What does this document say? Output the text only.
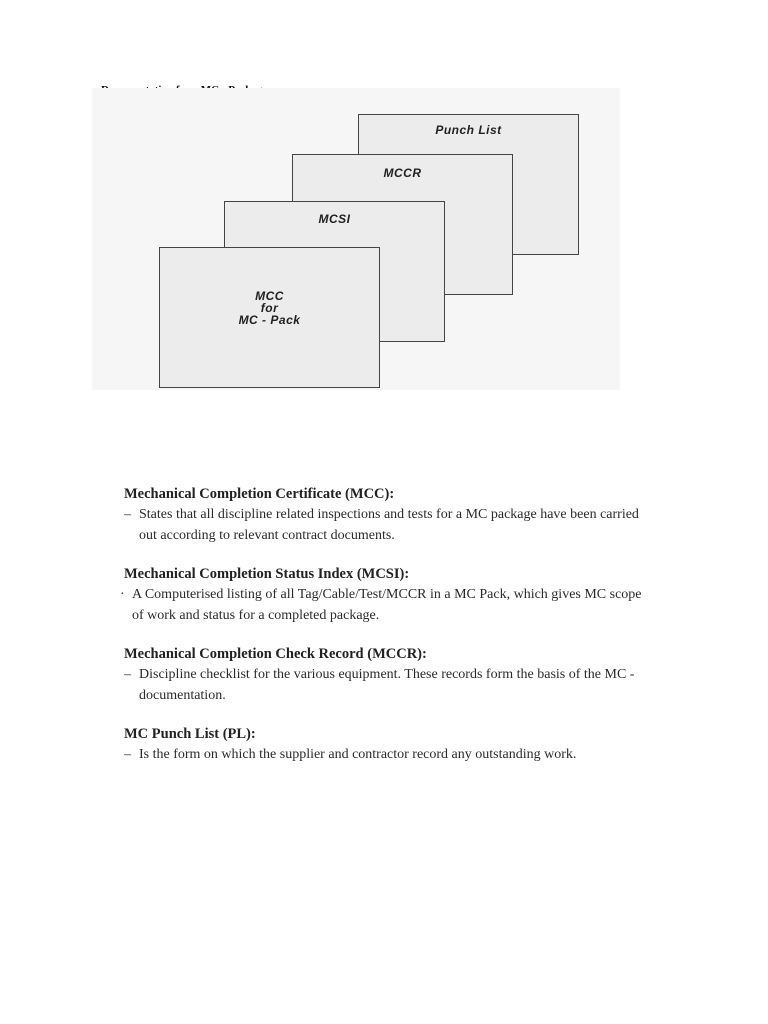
Punch List
MCCR
MCSI
MCC
for
MC - Pack
Mechanical Completion Certificate (MCC):
– States that all discipline related inspections and tests for a MC package have been carried out according to relevant contract documents.
Mechanical Completion Status Index (MCSI):
· A Computerised listing of all Tag/Cable/Test/MCCR in a MC Pack, which gives MC scope of work and status for a completed package.
Mechanical Completion Check Record (MCCR):
– Discipline checklist for the various equipment. These records form the basis of the MC - documentation.
MC Punch List (PL):
– Is the form on which the supplier and contractor record any outstanding work.
